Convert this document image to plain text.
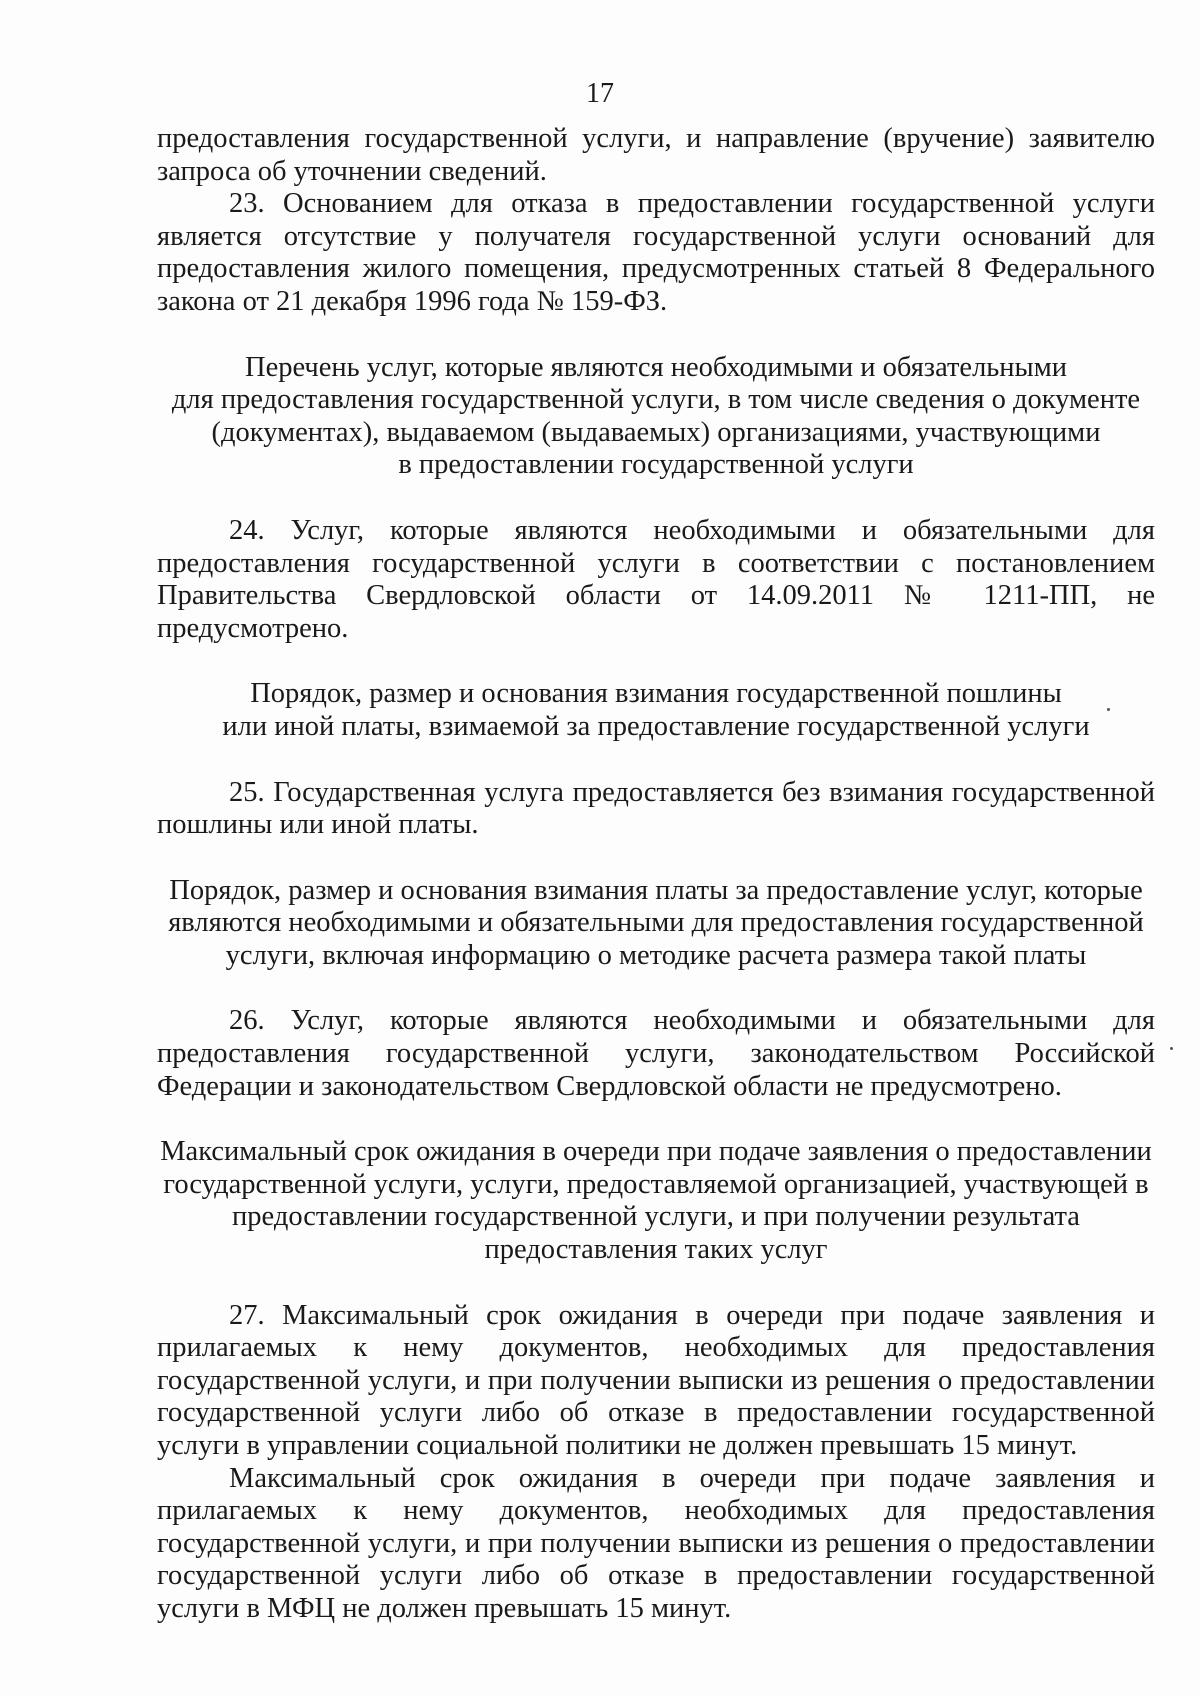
17

предоставления государственной услуги, и направление (вручение) заявителю запроса об уточнении сведений.

23. Основанием для отказа в предоставлении государственной услуги является отсутствие у получателя государственной услуги оснований для предоставления жилого помещения, предусмотренных статьей 8 Федерального закона от 21 декабря 1996 года № 159-ФЗ.

Перечень услуг, которые являются необходимыми и обязательными

для предоставления государственной услуги, в том числе сведения о документе

(документах), выдаваемом (выдаваемых) организациями, участвующими

в предоставлении государственной услуги

24. Услуг, которые являются необходимыми и обязательными для предоставления государственной услуги в соответствии с постановлением Правительства Свердловской области от 14.09.2011 № 1211-ПП, не предусмотрено.

Порядок, размер и основания взимания государственной пошлины

или иной платы, взимаемой за предоставление государственной услуги

25. Государственная услуга предоставляется без взимания государственной пошлины или иной платы.

Порядок, размер и основания взимания платы за предоставление услуг, которые

являются необходимыми и обязательными для предоставления государственной

услуги, включая информацию о методике расчета размера такой платы

26. Услуг, которые являются необходимыми и обязательными для предоставления государственной услуги, законодательством Российской Федерации и законодательством Свердловской области не предусмотрено.

Максимальный срок ожидания в очереди при подаче заявления о предоставлении

государственной услуги, услуги, предоставляемой организацией, участвующей в

предоставлении государственной услуги, и при получении результата

предоставления таких услуг

27. Максимальный срок ожидания в очереди при подаче заявления и прилагаемых к нему документов, необходимых для предоставления государственной услуги, и при получении выписки из решения о предоставлении государственной услуги либо об отказе в предоставлении государственной услуги в управлении социальной политики не должен превышать 15 минут.

Максимальный срок ожидания в очереди при подаче заявления и прилагаемых к нему документов, необходимых для предоставления государственной услуги, и при получении выписки из решения о предоставлении государственной услуги либо об отказе в предоставлении государственной услуги в МФЦ не должен превышать 15 минут.
